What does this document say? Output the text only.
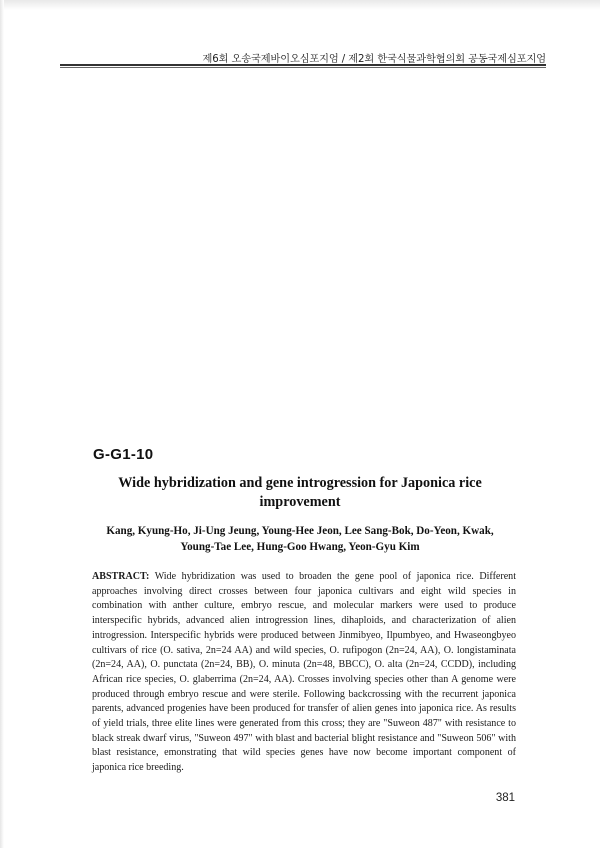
제6회 오송국제바이오심포지엄 / 제2회 한국식물과학협의회 공동국제심포지엄
G-G1-10
Wide hybridization and gene introgression for Japonica rice improvement
Kang, Kyung-Ho, Ji-Ung Jeung, Young-Hee Jeon, Lee Sang-Bok, Do-Yeon, Kwak, Young-Tae Lee, Hung-Goo Hwang, Yeon-Gyu Kim
ABSTRACT: Wide hybridization was used to broaden the gene pool of japonica rice. Different approaches involving direct crosses between four japonica cultivars and eight wild species in combination with anther culture, embryo rescue, and molecular markers were used to produce interspecific hybrids, advanced alien introgression lines, dihaploids, and characterization of alien introgression. Interspecific hybrids were produced between Jinmibyeo, Ilpumbyeo, and Hwaseongbyeo cultivars of rice (O. sativa, 2n=24 AA) and wild species, O. rufipogon (2n=24, AA), O. longistaminata (2n=24, AA), O. punctata (2n=24, BB), O. minuta (2n=48, BBCC), O. alta (2n=24, CCDD), including African rice species, O. glaberrima (2n=24, AA). Crosses involving species other than A genome were produced through embryo rescue and were sterile. Following backcrossing with the recurrent japonica parents, advanced progenies have been produced for transfer of alien genes into japonica rice. As results of yield trials, three elite lines were generated from this cross; they are "Suweon 487" with resistance to black streak dwarf virus, "Suweon 497" with blast and bacterial blight resistance and "Suweon 506" with blast resistance, emonstrating that wild species genes have now become important component of japonica rice breeding.
381
